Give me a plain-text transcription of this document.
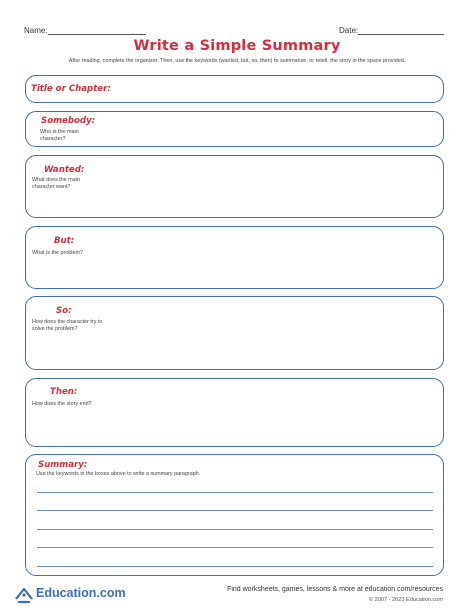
Name:	Date:
Write a Simple Summary
After reading, complete the organizer. Then, use the keywords (wanted, but, so, then) to summarize, or retell, the story in the space provided.
Title or Chapter:
Somebody:
Who is the main character?
Wanted:
What does the main character want?
But:
What is the problem?
So:
How does the character try to solve the problem?
Then:
How does the story end?
Summary:
Use the keywords in the boxes above to write a summary paragraph.
Education.com	Find worksheets, games, lessons & more at education.com/resources
© 2007 - 2023 Education.com
